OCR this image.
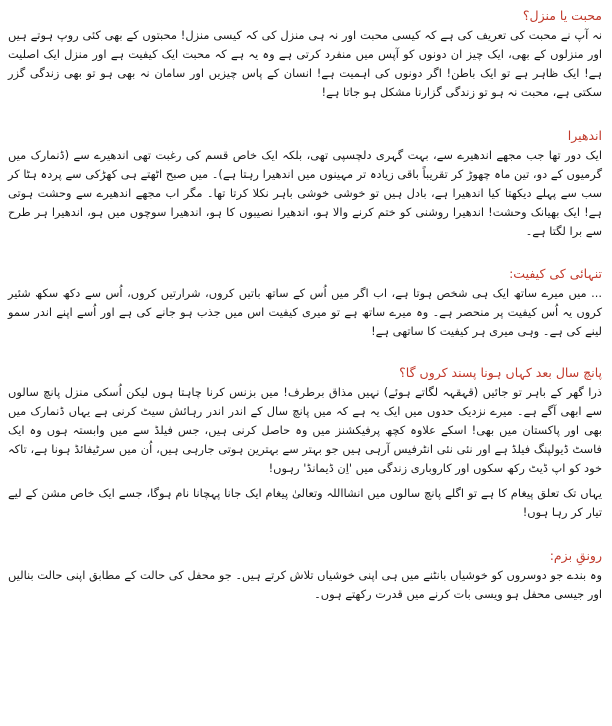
محبت یا منزل؟

نہ آپ نے محبت کی تعریف کی ہے کہ کیسی محبت اور نہ ہی منزل کی کہ کیسی منزل! محبتوں کے بھی کئی روپ ہوتے ہیں اور منزلوں کے بھی، ایک چیز ان دونوں کو آپس میں منفرد کرتی ہے وہ یہ ہے کہ محبت ایک کیفیت ہے اور منزل ایک اصلیت ہے! ایک ظاہر ہے تو ایک باطن! اگر دونوں کی اہمیت ہے! انسان کے پاس چیزیں اور سامان نہ بھی ہو تو بھی زندگی گزر سکتی ہے، محبت نہ ہو تو زندگی گزارنا مشکل ہو جاتا ہے!

اندھیرا

ایک دور تھا جب مجھے اندھیرے سے، بہت گہری دلچسپی تھی، بلکہ ایک خاص قسم کی رغبت تھی اندھیرے سے (ڈنمارک میں گرمیوں کے دو، تین ماہ چھوڑ کر تقریباً باقی زیادہ تر مہینوں میں اندھیرا رہتا ہے)۔ میں صبح اٹھتے ہی کھڑکی سے پردہ ہٹا کر سب سے پہلے دیکھتا کیا اندھیرا ہے، بادل ہیں تو خوشی خوشی باہر نکلا کرتا تھا۔ مگر اب مجھے اندھیرے سے وحشت ہوتی ہے! ایک بھیانک وحشت! اندھیرا روشنی کو ختم کرنے والا ہو، اندھیرا نصیبوں کا ہو، اندھیرا سوچوں میں ہو، اندھیرا ہر طرح سے برا لگتا ہے۔

تنہائی کی کیفیت:

... میں میرے ساتھ ایک ہی شخص ہوتا ہے، اب اگر میں اُس کے ساتھ باتیں کروں، شرارتیں کروں، اُس سے دکھ سکھ شئیر کروں یہ اُس کیفیت پر منحصر ہے۔ وہ میرے ساتھ ہے تو میری کیفیت اس میں جذب ہو جانے کی ہے اور اُسے اپنے اندر سمو لینے کی ہے۔ وہی میری ہر کیفیت کا ساتھی ہے!

پانچ سال بعد کہاں ہونا پسند کروں گا؟

ذرا گھر کے باہر تو جائیں (قہقہہ لگاتے ہوئے) نہیں مذاق برطرف! میں بزنس کرنا چاہتا ہوں لیکن اُسکی منزل پانچ سالوں سے ابھی آگے ہے۔ میرے نزدیک حدوں میں ایک یہ ہے کہ میں پانچ سال کے اندر اندر رہائش سیٹ کرنی ہے یہاں ڈنمارک میں بھی اور پاکستان میں بھی! اسکے علاوہ کچھ پرفیکشنز میں وہ حاصل کرنی ہیں، جس فیلڈ سے میں وابستہ ہوں وہ ایک فاسٹ ڈیولپنگ فیلڈ ہے اور نئی نئی انٹرفیس آرہی ہیں جو بہتر سے بہترین ہوتی جارہی ہیں، اُن میں سرٹیفائڈ ہونا ہے، تاکہ خود کو اپ ڈیٹ رکھ سکوں اور کاروباری زندگی میں 'اِن ڈیمانڈ' رہوں!

یہاں تک تعلق پیغام کا ہے تو اگلے پانچ سالوں میں انشااللہ وتعالیٰ پیغام ایک جانا پہچانا نام ہوگا، جسے ایک خاص مشن کے لیے تیار کر رہا ہوں!

رونقِ بزم:

وہ بندے جو دوسروں کو خوشیاں بانٹنے میں ہی اپنی خوشیاں تلاش کرتے ہیں۔ جو محفل کی حالت کے مطابق اپنی حالت بنالیں اور جیسی محفل ہو ویسی بات کرنے میں قدرت رکھتے ہوں۔
